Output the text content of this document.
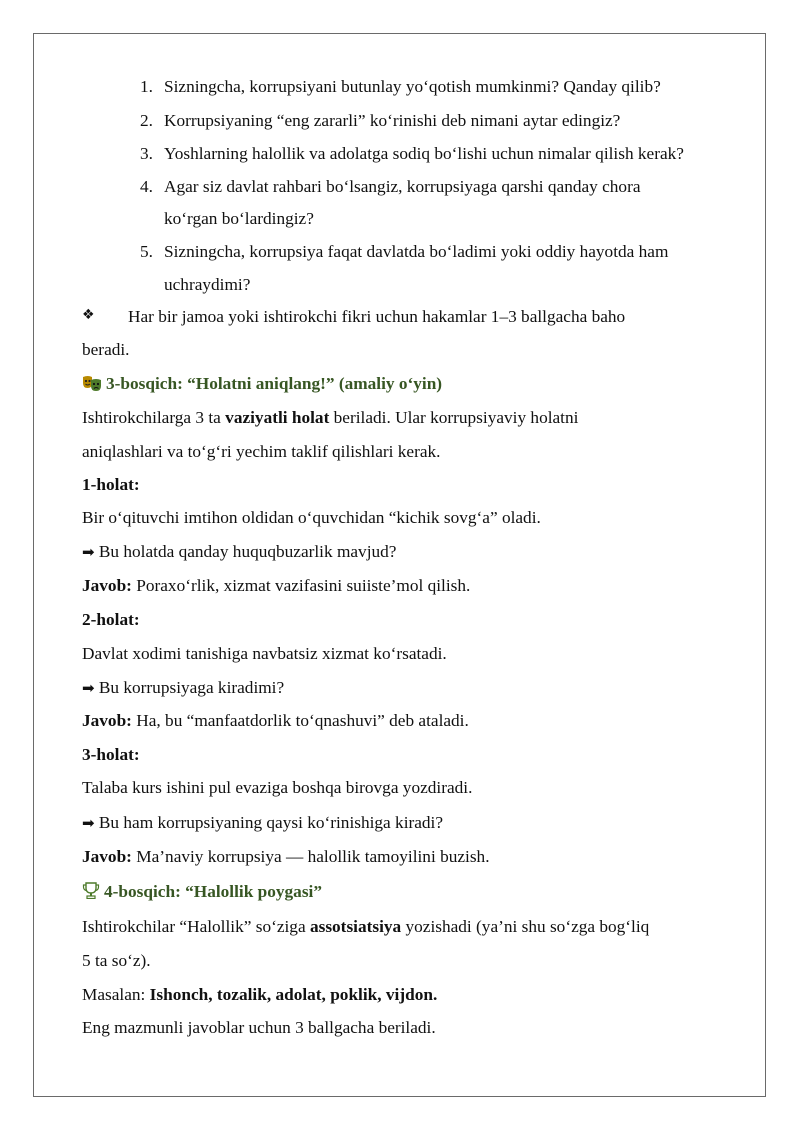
1. Sizningcha, korrupsiyani butunlay yo‘qotish mumkinmi? Qanday qilib?
2. Korrupsiyaning “eng zararli” ko‘rinishi deb nimani aytar edingiz?
3. Yoshlarning halollik va adolatga sodiq bo‘lishi uchun nimalar qilish kerak?
4. Agar siz davlat rahbari bo‘lsangiz, korrupsiyaga qarshi qanday chora
ko‘rgan bo‘lardingiz?
5. Sizningcha, korrupsiya faqat davlatda bo‘ladimi yoki oddiy hayotda ham
uchraydimi?
❖ Har bir jamoa yoki ishtirokchi fikri uchun hakamlar 1–3 ballgacha baho
beradi.
3-bosqich: “Holatni aniqlang!” (amaliy o‘yin)
Ishtirokchilarga 3 ta vaziyatli holat beriladi. Ular korrupsiyaviy holatni
aniqlashlari va to‘g‘ri yechim taklif qilishlari kerak.
1-holat:
Bir o‘qituvchi imtihon oldidan o‘quvchidan “kichik sovg‘a” oladi.
➡ Bu holatda qanday huquqbuzarlik mavjud?
Javob: Poraxo‘rlik, xizmat vazifasini suiiste’mol qilish.
2-holat:
Davlat xodimi tanishiga navbatsiz xizmat ko‘rsatadi.
➡ Bu korrupsiyaga kiradimi?
Javob: Ha, bu “manfaatdorlik to‘qnashuvi” deb ataladi.
3-holat:
Talaba kurs ishini pul evaziga boshqa birovga yozdiradi.
➡ Bu ham korrupsiyaning qaysi ko‘rinishiga kiradi?
Javob: Ma’naviy korrupsiya — halollik tamoyilini buzish.
4-bosqich: “Halollik poygasi”
Ishtirokchilar “Halollik” so‘ziga assotsiatsiya yozishadi (ya’ni shu so‘zga bog‘liq
5 ta so‘z).
Masalan: Ishonch, tozalik, adolat, poklik, vijdon.
Eng mazmunli javoblar uchun 3 ballgacha beriladi.
